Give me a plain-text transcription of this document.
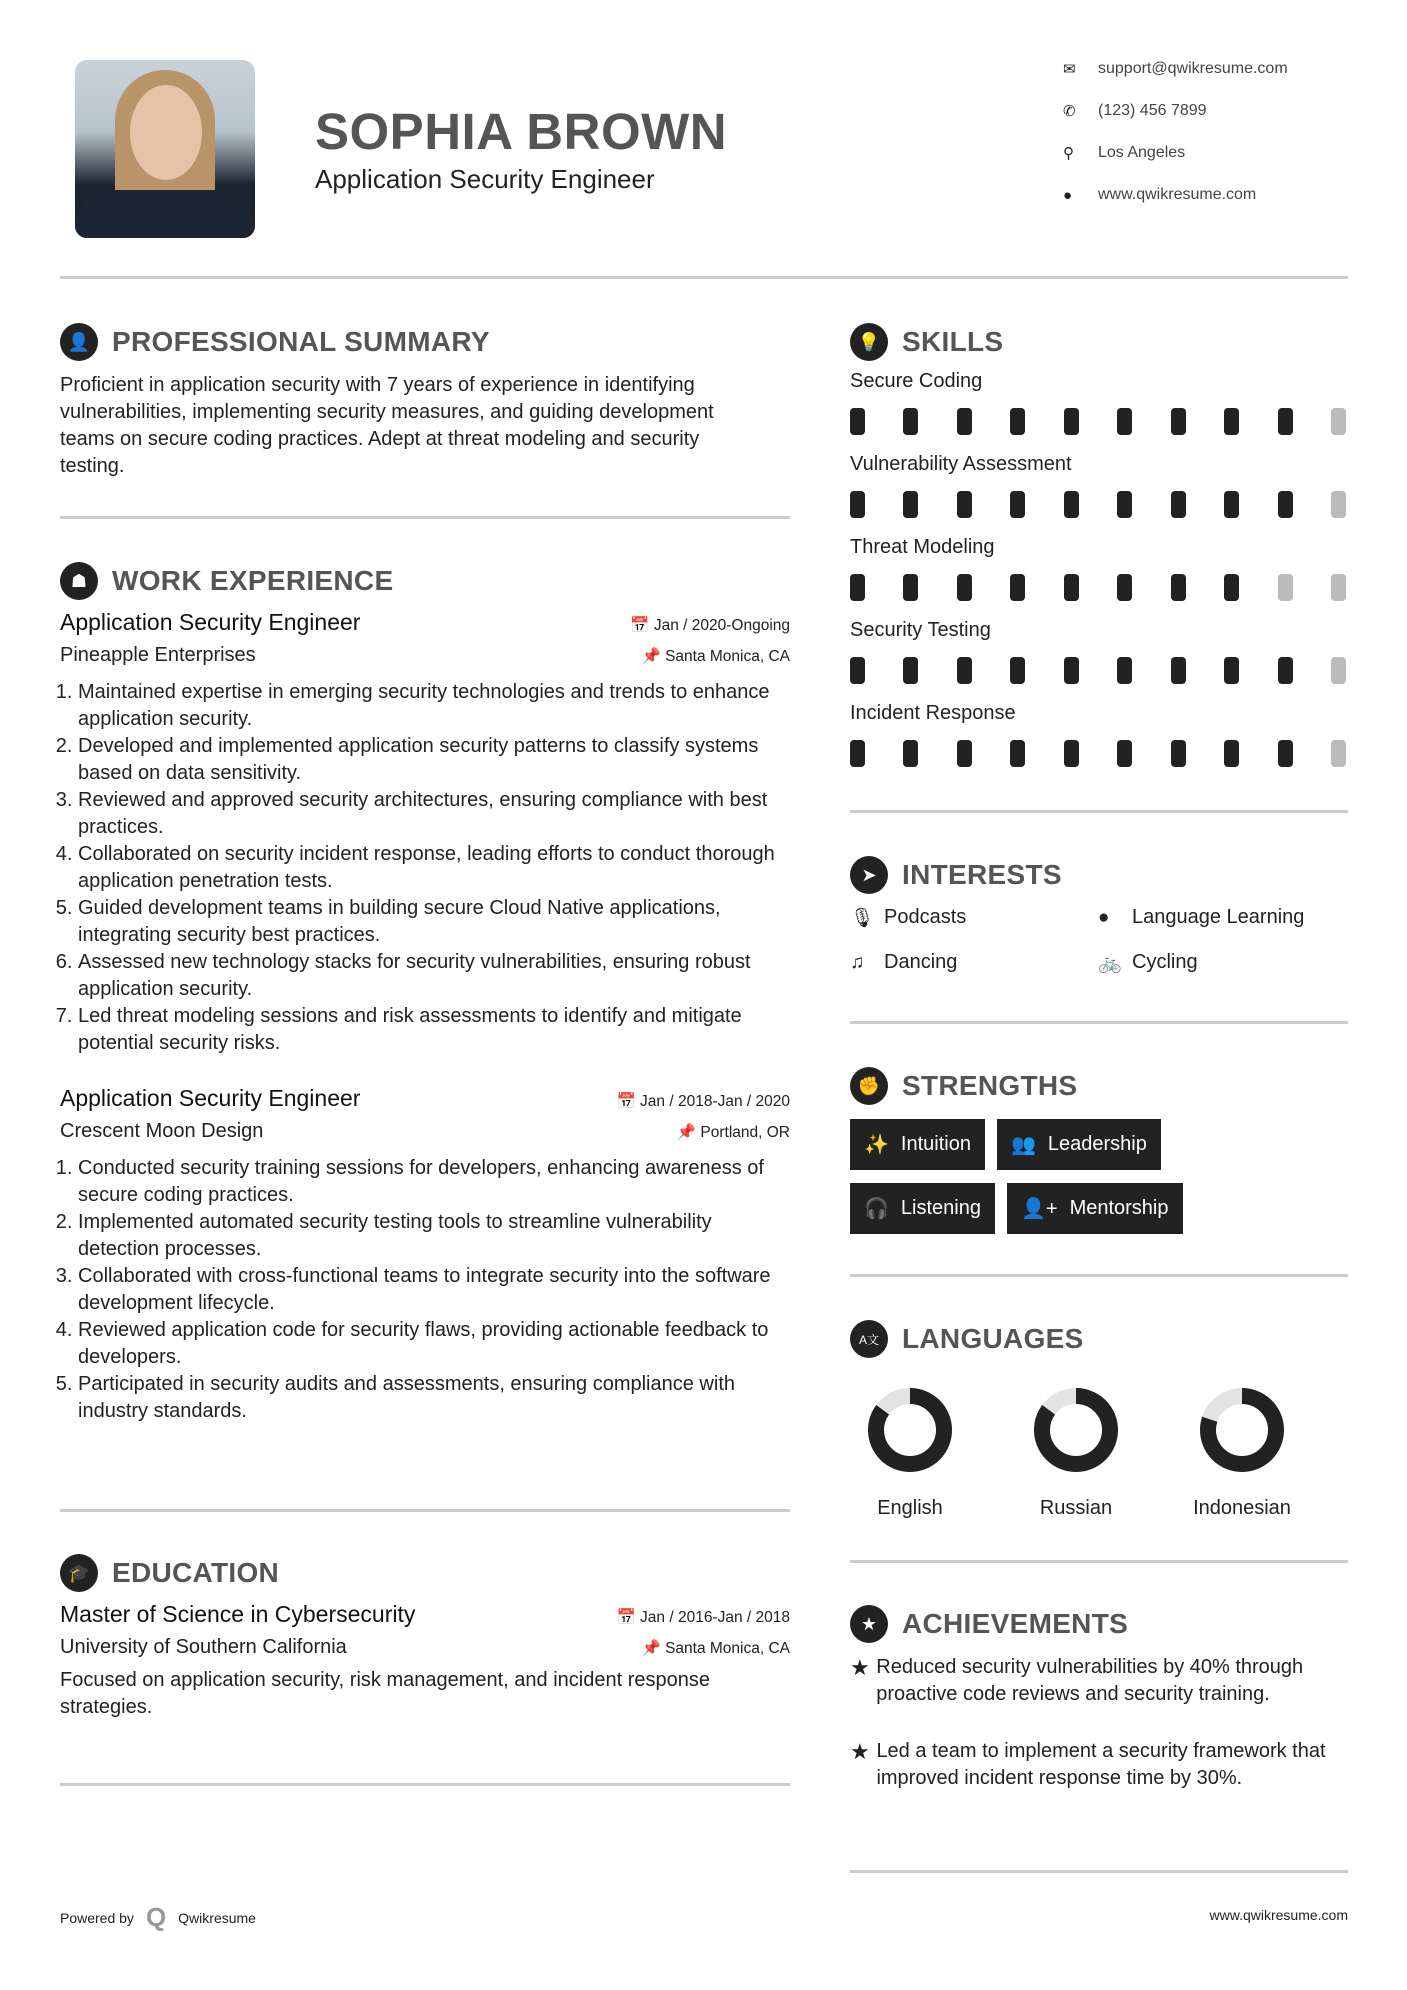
SOPHIA BROWN
Application Security Engineer
✉	support@qwikresume.com
✆	(123) 456 7899
⚲	Los Angeles
●	www.qwikresume.com
👤 PROFESSIONAL SUMMARY

Proficient in application security with 7 years of experience in identifying vulnerabilities, implementing security measures, and guiding development teams on secure coding practices. Adept at threat modeling and security testing.

☗ WORK EXPERIENCE
Application Security Engineer	📅 Jan / 2020-Ongoing
Pineapple Enterprises	📌 Santa Monica, CA
1. Maintained expertise in emerging security technologies and trends to enhance application security.
2. Developed and implemented application security patterns to classify systems based on data sensitivity.
3. Reviewed and approved security architectures, ensuring compliance with best practices.
4. Collaborated on security incident response, leading efforts to conduct thorough application penetration tests.
5. Guided development teams in building secure Cloud Native applications, integrating security best practices.
6. Assessed new technology stacks for security vulnerabilities, ensuring robust application security.
7. Led threat modeling sessions and risk assessments to identify and mitigate potential security risks.
Application Security Engineer	📅 Jan / 2018-Jan / 2020
Crescent Moon Design	📌 Portland, OR
1. Conducted security training sessions for developers, enhancing awareness of secure coding practices.
2. Implemented automated security testing tools to streamline vulnerability detection processes.
3. Collaborated with cross-functional teams to integrate security into the software development lifecycle.
4. Reviewed application code for security flaws, providing actionable feedback to developers.
5. Participated in security audits and assessments, ensuring compliance with industry standards.
🎓 EDUCATION
Master of Science in Cybersecurity	📅 Jan / 2016-Jan / 2018
University of Southern California	📌 Santa Monica, CA

Focused on application security, risk management, and incident response strategies.

💡 SKILLS
Secure Coding
Vulnerability Assessment
Threat Modeling
Security Testing
Incident Response
➤ INTERESTS
🎙 Podcasts	●	Language Learning
♫ Dancing	🚲 Cycling
✊ STRENGTHS
✨ Intuition 👥 Leadership

🎧 Listening 👤+ Mentorship
A文 LANGUAGES
English	Russian	Indonesian
★ ACHIEVEMENTS
★ Reduced security vulnerabilities by 40% through proactive code reviews and security training.
★ Led a team to implement a security framework that improved incident response time by 30%.
Powered by Q Qwikresume	www.qwikresume.com
